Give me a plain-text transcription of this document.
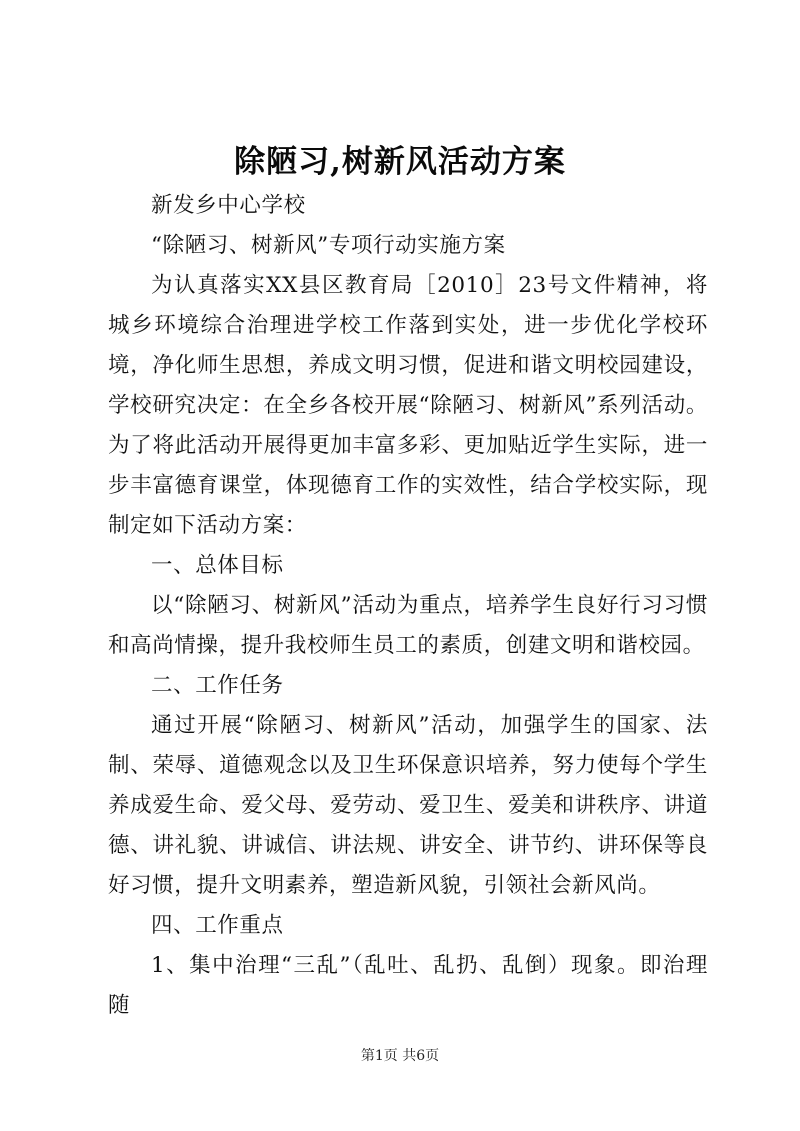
除陋习,树新风活动方案

新发乡中心学校

“除陋习、树新风”专项行动实施方案

为认真落实XX县区教育局［2010］23号文件精神，将城乡环境综合治理进学校工作落到实处，进一步优化学校环境，净化师生思想，养成文明习惯，促进和谐文明校园建设，学校研究决定：在全乡各校开展“除陋习、树新风”系列活动。为了将此活动开展得更加丰富多彩、更加贴近学生实际，进一步丰富德育课堂，体现德育工作的实效性，结合学校实际，现制定如下活动方案：

一、总体目标

以“除陋习、树新风”活动为重点，培养学生良好行习习惯和高尚情操，提升我校师生员工的素质，创建文明和谐校园。

二、工作任务

通过开展“除陋习、树新风”活动，加强学生的国家、法制、荣辱、道德观念以及卫生环保意识培养，努力使每个学生养成爱生命、爱父母、爱劳动、爱卫生、爱美和讲秩序、讲道德、讲礼貌、讲诚信、讲法规、讲安全、讲节约、讲环保等良好习惯，提升文明素养，塑造新风貌，引领社会新风尚。

四、工作重点

1、集中治理“三乱”（乱吐、乱扔、乱倒）现象。即治理随

第1页 共6页
